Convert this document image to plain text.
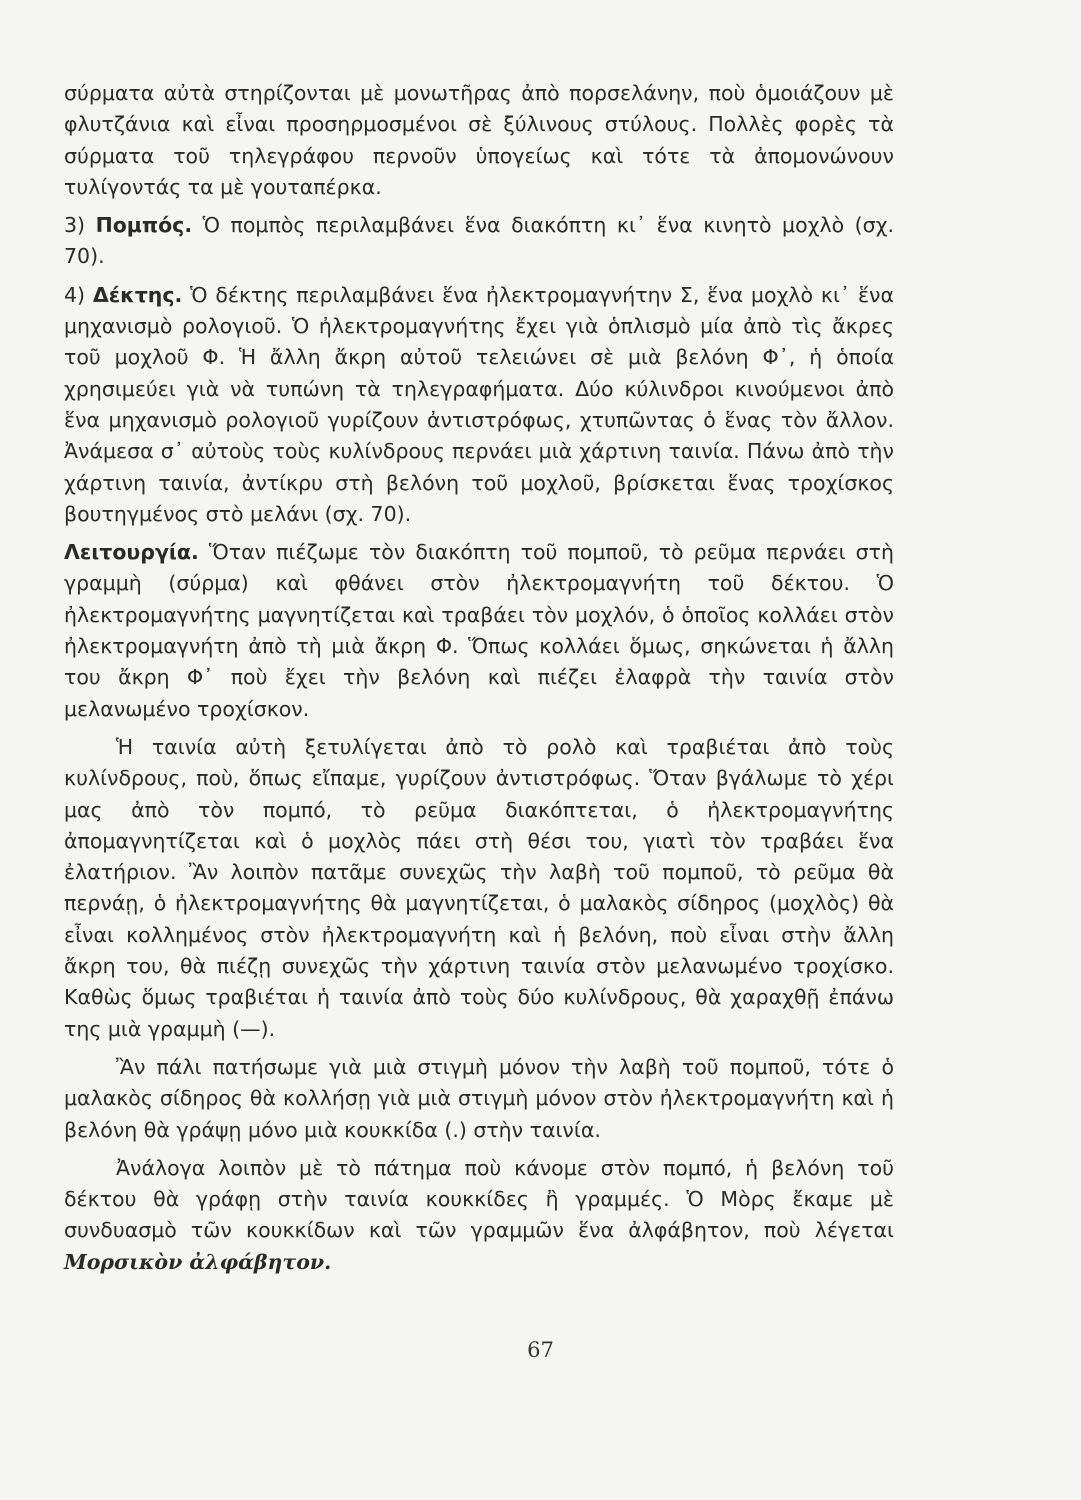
σύρματα αὐτὰ στηρίζονται μὲ μονωτῆρας ἀπὸ πορσελάνην, ποὺ ὁμοιάζουν μὲ φλυτζάνια καὶ εἶναι προσηρμοσμένοι σὲ ξύλινους στύλους. Πολλὲς φορὲς τὰ σύρματα τοῦ τηλεγράφου περνοῦν ὑπογείως καὶ τότε τὰ ἀπομονώνουν τυλίγοντάς τα μὲ γουταπέρκα.

3) Πομπός. Ὁ πομπὸς περιλαμβάνει ἕνα διακόπτη κι᾽ ἕνα κινητὸ μοχλὸ (σχ. 70).

4) Δέκτης. Ὁ δέκτης περιλαμβάνει ἕνα ἠλεκτρομαγνήτην Σ, ἕνα μοχλὸ κι᾽ ἕνα μηχανισμὸ ρολογιοῦ. Ὁ ἠλεκτρομαγνήτης ἔχει γιὰ ὁπλισμὸ μία ἀπὸ τὶς ἄκρες τοῦ μοχλοῦ Φ. Ἡ ἄλλη ἄκρη αὐτοῦ τελειώνει σὲ μιὰ βελόνη Φ᾽, ἡ ὁποία χρησιμεύει γιὰ νὰ τυπώνη τὰ τηλεγραφήματα. Δύο κύλινδροι κινούμενοι ἀπὸ ἕνα μηχανισμὸ ρολογιοῦ γυρίζουν ἀντιστρόφως, χτυπῶντας ὁ ἕνας τὸν ἄλλον. Ἀνάμεσα σ᾽ αὐτοὺς τοὺς κυλίνδρους περνάει μιὰ χάρτινη ταινία. Πάνω ἀπὸ τὴν χάρτινη ταινία, ἀντίκρυ στὴ βελόνη τοῦ μοχλοῦ, βρίσκεται ἕνας τροχίσκος βουτηγμένος στὸ μελάνι (σχ. 70).

Λειτουργία. Ὅταν πιέζωμε τὸν διακόπτη τοῦ πομποῦ, τὸ ρεῦμα περνάει στὴ γραμμὴ (σύρμα) καὶ φθάνει στὸν ἠλεκτρομαγνήτη τοῦ δέκτου. Ὁ ἠλεκτρομαγνήτης μαγνητίζεται καὶ τραβάει τὸν μοχλόν, ὁ ὁποῖος κολλάει στὸν ἠλεκτρομαγνήτη ἀπὸ τὴ μιὰ ἄκρη Φ. Ὅπως κολλάει ὅμως, σηκώνεται ἡ ἄλλη του ἄκρη Φ᾽ ποὺ ἔχει τὴν βελόνη καὶ πιέζει ἐλαφρὰ τὴν ταινία στὸν μελανωμένο τροχίσκον.

Ἡ ταινία αὐτὴ ξετυλίγεται ἀπὸ τὸ ρολὸ καὶ τραβιέται ἀπὸ τοὺς κυλίνδρους, ποὺ, ὅπως εἴπαμε, γυρίζουν ἀντιστρόφως. Ὅταν βγάλωμε τὸ χέρι μας ἀπὸ τὸν πομπό, τὸ ρεῦμα διακόπτεται, ὁ ἠλεκτρομαγνήτης ἀπομαγνητίζεται καὶ ὁ μοχλὸς πάει στὴ θέσι του, γιατὶ τὸν τραβάει ἕνα ἐλατήριον. Ἂν λοιπὸν πατᾶμε συνεχῶς τὴν λαβὴ τοῦ πομποῦ, τὸ ρεῦμα θὰ περνάῃ, ὁ ἠλεκτρομαγνήτης θὰ μαγνητίζεται, ὁ μαλακὸς σίδηρος (μοχλὸς) θὰ εἶναι κολλημένος στὸν ἠλεκτρομαγνήτη καὶ ἡ βελόνη, ποὺ εἶναι στὴν ἄλλη ἄκρη του, θὰ πιέζῃ συνεχῶς τὴν χάρτινη ταινία στὸν μελανωμένο τροχίσκο. Καθὼς ὅμως τραβιέται ἡ ταινία ἀπὸ τοὺς δύο κυλίνδρους, θὰ χαραχθῇ ἐπάνω της μιὰ γραμμὴ (—).

Ἂν πάλι πατήσωμε γιὰ μιὰ στιγμὴ μόνον τὴν λαβὴ τοῦ πομποῦ, τότε ὁ μαλακὸς σίδηρος θὰ κολλήσῃ γιὰ μιὰ στιγμὴ μόνον στὸν ἠλεκτρομαγνήτη καὶ ἡ βελόνη θὰ γράψῃ μόνο μιὰ κουκκίδα (.) στὴν ταινία.

Ἀνάλογα λοιπὸν μὲ τὸ πάτημα ποὺ κάνομε στὸν πομπό, ἡ βελόνη τοῦ δέκτου θὰ γράφῃ στὴν ταινία κουκκίδες ἢ γραμμές. Ὁ Μὸρς ἔκαμε μὲ συνδυασμὸ τῶν κουκκίδων καὶ τῶν γραμμῶν ἕνα ἀλφάβητον, ποὺ λέγεται Μορσικὸν ἀλφάβητον.

67
